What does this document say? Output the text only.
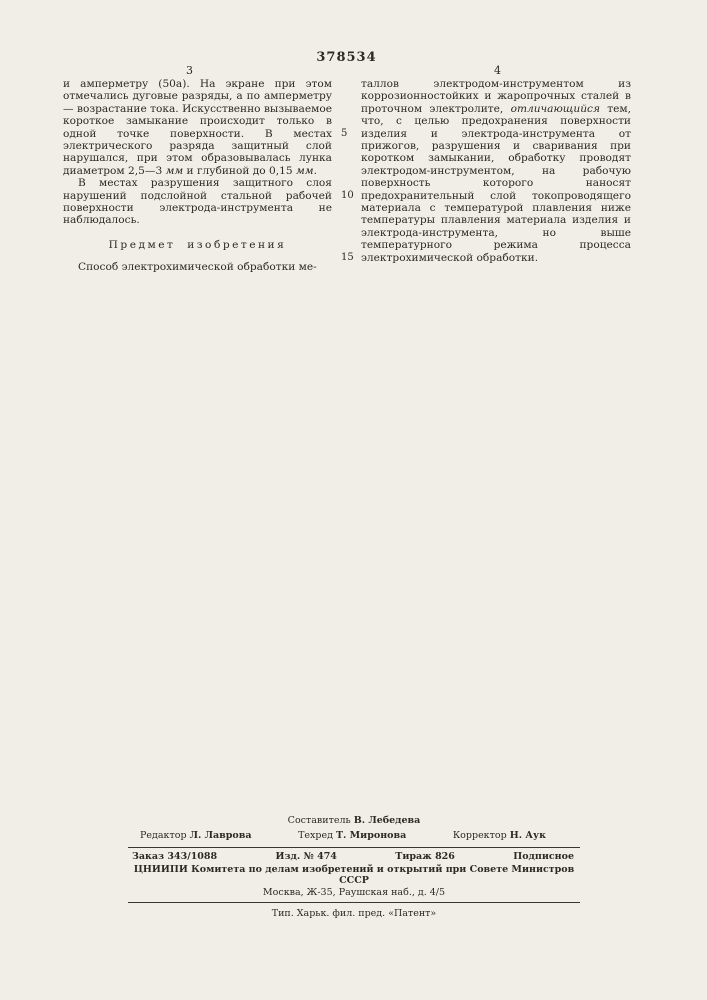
378534
3	4

и амперметру (50а). На экране при этом отмечались дуговые разряды, а по амперметру — возрастание тока. Искусственно вызываемое короткое замыкание происходит только в одной точке поверхности. В местах электрического разряда защитный слой нарушался, при этом образовывалась лунка диаметром 2,5—3 мм и глубиной до 0,15 мм.

В местах разрушения защитного слоя нарушений подслойной стальной рабочей поверхности электрода-инструмента не наблюдалось.

Предмет изобретения

Способ электрохимической обработки ме-

5
10
15

таллов электродом-инструментом из коррозионностойких и жаропрочных сталей в проточном электролите, отличающийся тем, что, с целью предохранения поверхности изделия и электрода-инструмента от прижогов, разрушения и сваривания при коротком замыкании, обработку проводят электродом-инструментом, на рабочую поверхность которого наносят предохранительный слой токопроводящего материала с температурой плавления ниже температуры плавления материала изделия и электрода-инструмента, но выше температурного режима процесса электрохимической обработки.

Составитель В. Лебедева
Редактор Л. Лаврова	Техред Т. Миронова	Корректор Н. Аук
Заказ 343/1088	Изд. № 474	Тираж 826	Подписное
ЦНИИПИ Комитета по делам изобретений и открытий при Совете Министров СССР
Москва, Ж-35, Раушская наб., д. 4/5
Тип. Харьк. фил. пред. «Патент»
